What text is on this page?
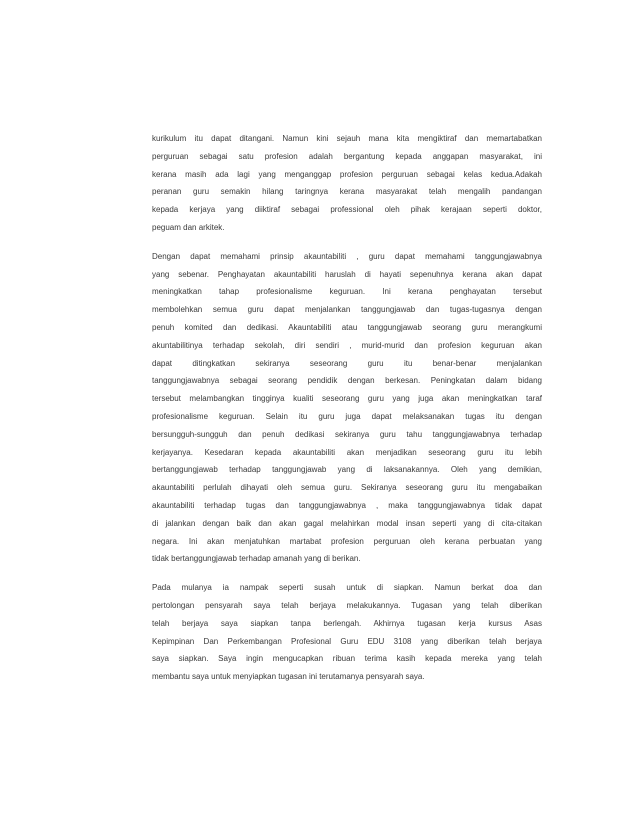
kurikulum itu dapat ditangani. Namun kini sejauh mana kita mengiktiraf dan memartabatkan
perguruan sebagai satu profesion adalah bergantung kepada anggapan masyarakat, ini
kerana masih ada lagi yang menganggap profesion perguruan sebagai kelas kedua.Adakah
peranan guru semakin hilang taringnya kerana masyarakat telah mengalih pandangan
kepada kerjaya yang diiktiraf sebagai professional oleh pihak kerajaan seperti doktor,
peguam dan arkitek.
Dengan dapat memahami prinsip akauntabiliti , guru dapat memahami tanggungjawabnya
yang sebenar. Penghayatan akauntabiliti haruslah di hayati sepenuhnya kerana akan dapat
meningkatkan tahap profesionalisme keguruan. Ini kerana penghayatan tersebut
membolehkan semua guru dapat menjalankan tanggungjawab dan tugas-tugasnya dengan
penuh komited dan dedikasi. Akauntabiliti atau tanggungjawab seorang guru merangkumi
akuntabilitinya terhadap sekolah, diri sendiri , murid-murid dan profesion keguruan akan
dapat ditingkatkan sekiranya seseorang guru itu benar-benar menjalankan
tanggungjawabnya sebagai seorang pendidik dengan berkesan. Peningkatan dalam bidang
tersebut melambangkan tingginya kualiti seseorang guru yang juga akan meningkatkan taraf
profesionalisme keguruan. Selain itu guru juga dapat melaksanakan tugas itu dengan
bersungguh-sungguh dan penuh dedikasi sekiranya guru tahu tanggungjawabnya terhadap
kerjayanya. Kesedaran kepada akauntabiliti akan menjadikan seseorang guru itu lebih
bertanggungjawab terhadap tanggungjawab yang di laksanakannya. Oleh yang demikian,
akauntabiliti perlulah dihayati oleh semua guru. Sekiranya seseorang guru itu mengabaikan
akauntabiliti terhadap tugas dan tanggungjawabnya , maka tanggungjawabnya tidak dapat
di jalankan dengan baik dan akan gagal melahirkan modal insan seperti yang di cita-citakan
negara. Ini akan menjatuhkan martabat profesion perguruan oleh kerana perbuatan yang
tidak bertanggungjawab terhadap amanah yang di berikan.
Pada mulanya ia nampak seperti susah untuk di siapkan. Namun berkat doa dan
pertolongan pensyarah saya telah berjaya melakukannya. Tugasan yang telah diberikan
telah berjaya saya siapkan tanpa berlengah. Akhirnya tugasan kerja kursus Asas
Kepimpinan Dan Perkembangan Profesional Guru EDU 3108 yang diberikan telah berjaya
saya siapkan. Saya ingin mengucapkan ribuan terima kasih kepada mereka yang telah
membantu saya untuk menyiapkan tugasan ini terutamanya pensyarah saya.
